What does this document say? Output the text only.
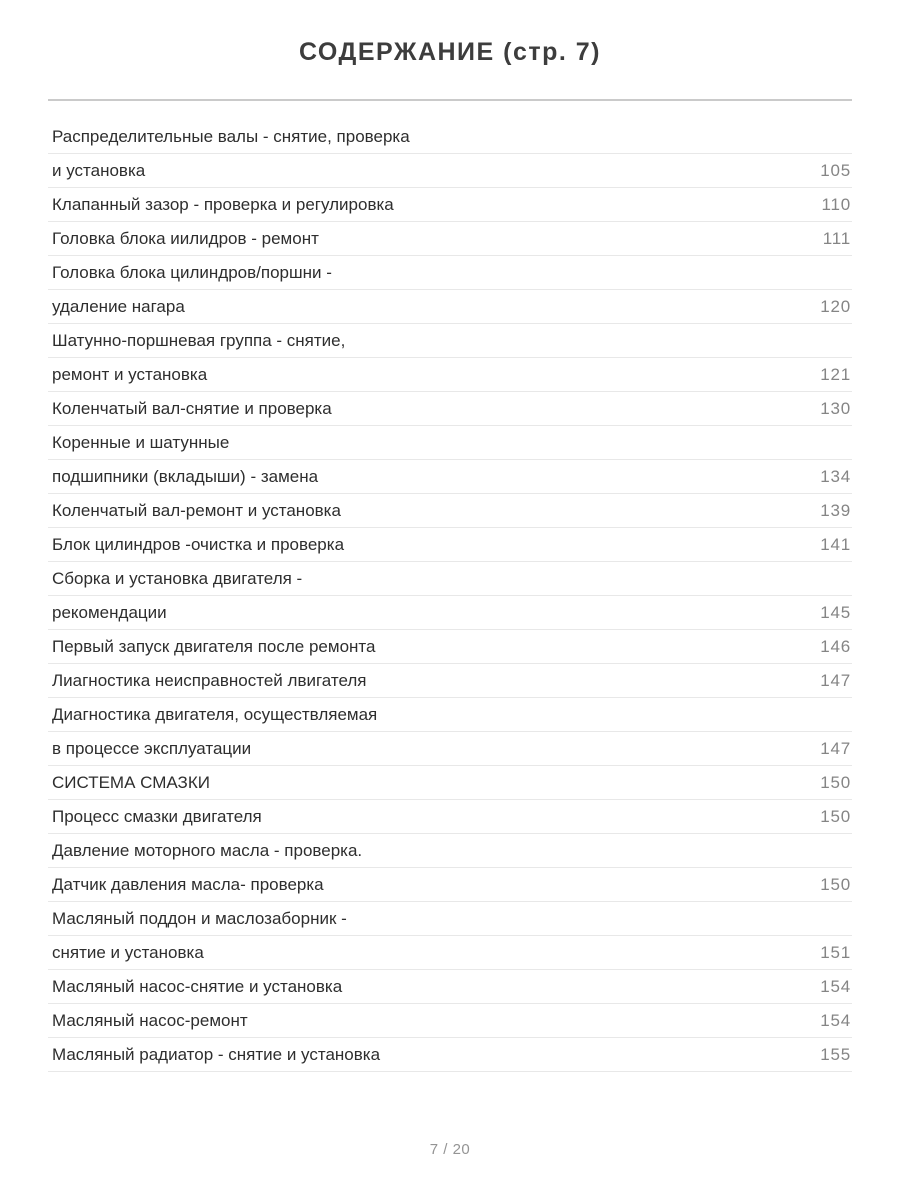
СОДЕРЖАНИЕ (стр. 7)
Распределительные валы - снятие, проверка
и установка	105
Клапанный зазор - проверка и регулировка	110
Головка блока иилидров - ремонт	111
Головка блока цилиндров/поршни -
удаление нагара	120
Шатунно-поршневая группа - снятие,
ремонт и установка	121
Коленчатый вал-снятие и проверка	130
Коренные и шатунные
подшипники (вкладыши) - замена	134
Коленчатый вал-ремонт и установка	139
Блок цилиндров -очистка и проверка	141
Сборка и установка двигателя -
рекомендации	145
Первый запуск двигателя после ремонта	146
Лиагностика неисправностей лвигателя	147
Диагностика двигателя, осуществляемая
в процессе эксплуатации	147
СИСТЕМА СМАЗКИ	150
Процесс смазки двигателя	150
Давление моторного масла - проверка.
Датчик давления масла- проверка	150
Масляный поддон и маслозаборник -
снятие и установка	151
Масляный насос-снятие и установка	154
Масляный насос-ремонт	154
Масляный радиатор - снятие и установка	155
7 / 20
